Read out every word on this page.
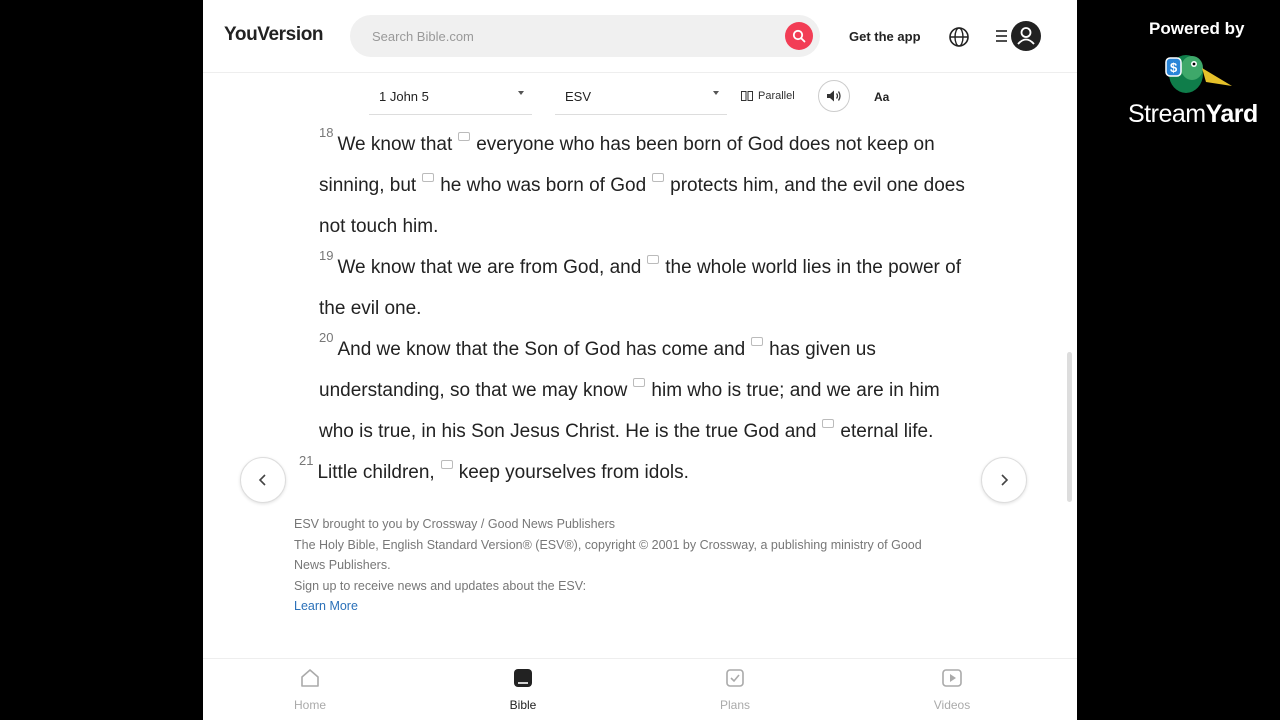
YouVersion	Search Bible.com	Get the app
1 John 5	ESV	Parallel	Aa
$^{18}$We know that everyone who has been born of God does not keep on sinning, but he who was born of God protects him, and the evil one does not touch him.
$^{19}$We know that we are from God, and the whole world lies in the power of the evil one.
$^{20}$And we know that the Son of God has come and has given us understanding, so that we may know him who is true; and we are in him who is true, in his Son Jesus Christ. He is the true God and eternal life.
$^{21}$Little children, keep yourselves from idols.
ESV brought to you by Crossway / Good News Publishers
The Holy Bible, English Standard Version® (ESV®), copyright © 2001 by Crossway, a publishing ministry of Good News Publishers.
Sign up to receive news and updates about the ESV:
Learn More
Home	Bible	Plans	Videos
Powered by
$
StreamYard
